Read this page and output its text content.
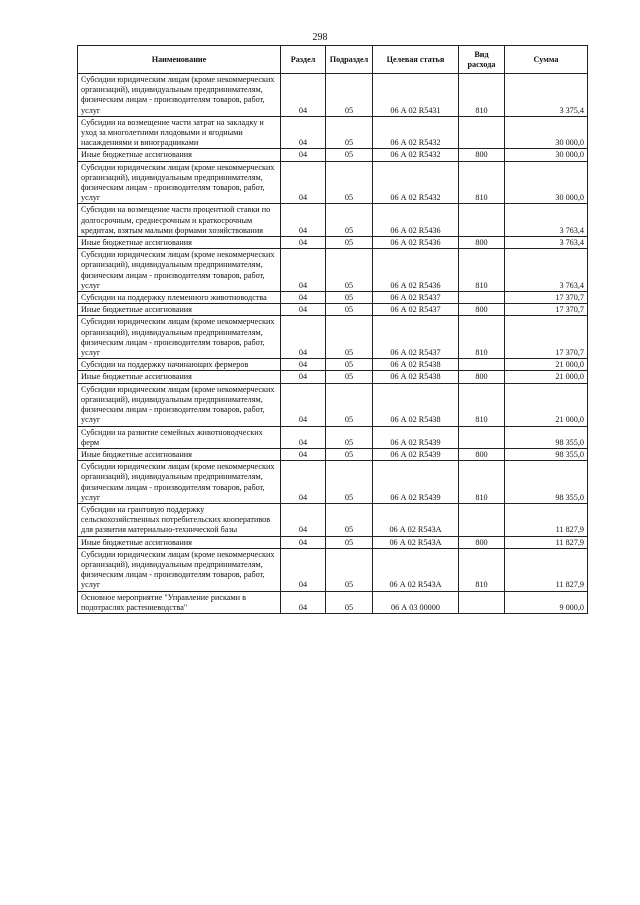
298
Наименование	Раздел	Подраздел	Целевая статья	Вид расхода	Сумма
Субсидии юридическим лицам (кроме некоммерческих организаций), индивидуальным предпринимателям, физическим лицам - производителям товаров, работ, услуг	04	05	06 А 02 R5431	810	3 375,4
Субсидии на возмещение части затрат на закладку и уход за многолетними плодовыми и ягодными насаждениями и виноградниками	04	05	06 А 02 R5432		30 000,0
Иные бюджетные ассигнования	04	05	06 А 02 R5432	800	30 000,0
Субсидии юридическим лицам (кроме некоммерческих организаций), индивидуальным предпринимателям, физическим лицам - производителям товаров, работ, услуг	04	05	06 А 02 R5432	810	30 000,0
Субсидии на возмещение части процентной ставки по долгосрочным, среднесрочным и краткосрочным кредитам, взятым малыми формами хозяйствования	04	05	06 А 02 R5436		3 763,4
Иные бюджетные ассигнования	04	05	06 А 02 R5436	800	3 763,4
Субсидии юридическим лицам (кроме некоммерческих организаций), индивидуальным предпринимателям, физическим лицам - производителям товаров, работ, услуг	04	05	06 А 02 R5436	810	3 763,4
Субсидии на поддержку племенного животноводства	04	05	06 А 02 R5437		17 370,7
Иные бюджетные ассигнования	04	05	06 А 02 R5437	800	17 370,7
Субсидии юридическим лицам (кроме некоммерческих организаций), индивидуальным предпринимателям, физическим лицам - производителям товаров, работ, услуг	04	05	06 А 02 R5437	810	17 370,7
Субсидии на поддержку начинающих фермеров	04	05	06 А 02 R5438		21 000,0
Иные бюджетные ассигнования	04	05	06 А 02 R5438	800	21 000,0
Субсидии юридическим лицам (кроме некоммерческих организаций), индивидуальным предпринимателям, физическим лицам - производителям товаров, работ, услуг	04	05	06 А 02 R5438	810	21 000,0
Субсидии на развитие семейных животноводческих ферм	04	05	06 А 02 R5439		98 355,0
Иные бюджетные ассигнования	04	05	06 А 02 R5439	800	98 355,0
Субсидии юридическим лицам (кроме некоммерческих организаций), индивидуальным предпринимателям, физическим лицам - производителям товаров, работ, услуг	04	05	06 А 02 R5439	810	98 355,0
Субсидии на грантовую поддержку сельскохозяйственных потребительских кооперативов для развития материально-технической базы	04	05	06 А 02 R543А		11 827,9
Иные бюджетные ассигнования	04	05	06 А 02 R543А	800	11 827,9
Субсидии юридическим лицам (кроме некоммерческих организаций), индивидуальным предпринимателям, физическим лицам - производителям товаров, работ, услуг	04	05	06 А 02 R543А	810	11 827,9
Основное мероприятие "Управление рисками в подотраслях растениеводства"	04	05	06 А 03 00000		9 000,0
